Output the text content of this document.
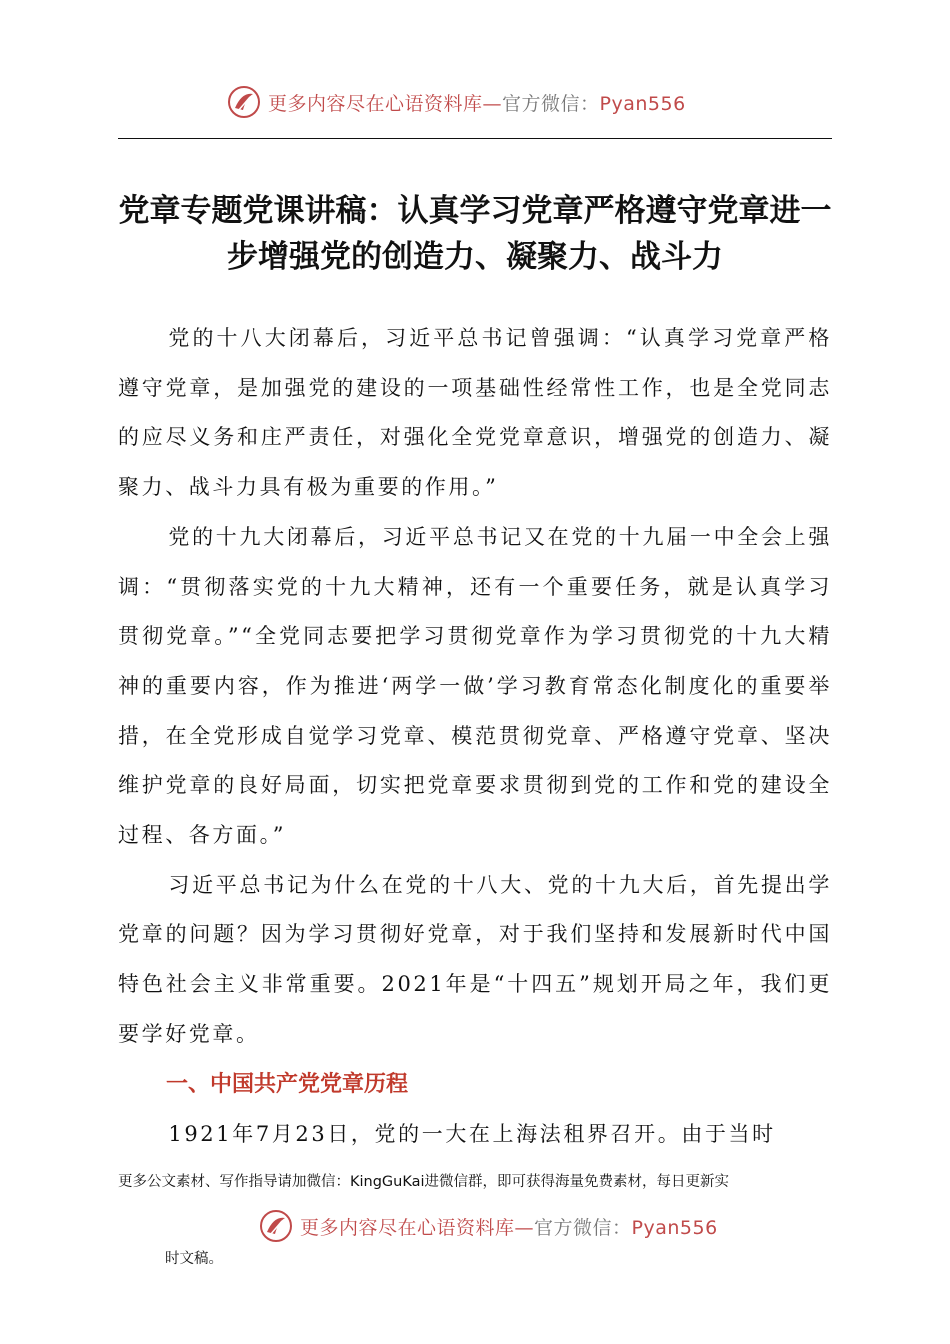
更多内容尽在心语资料库—官方微信：Pyan556
党章专题党课讲稿：认真学习党章严格遵守党章进一步增强党的创造力、凝聚力、战斗力

党的十八大闭幕后，习近平总书记曾强调：“认真学习党章严格遵守党章，是加强党的建设的一项基础性经常性工作，也是全党同志的应尽义务和庄严责任，对强化全党党章意识，增强党的创造力、凝聚力、战斗力具有极为重要的作用。”

党的十九大闭幕后，习近平总书记又在党的十九届一中全会上强调：“贯彻落实党的十九大精神，还有一个重要任务，就是认真学习贯彻党章。”“全党同志要把学习贯彻党章作为学习贯彻党的十九大精神的重要内容，作为推进‘两学一做’学习教育常态化制度化的重要举措，在全党形成自觉学习党章、模范贯彻党章、严格遵守党章、坚决维护党章的良好局面，切实把党章要求贯彻到党的工作和党的建设全过程、各方面。”

习近平总书记为什么在党的十八大、党的十九大后，首先提出学党章的问题？因为学习贯彻好党章，对于我们坚持和发展新时代中国特色社会主义非常重要。2021年是“十四五”规划开局之年，我们更要学好党章。

一、中国共产党党章历程

1921年7月23日，党的一大在上海法租界召开。由于当时

更多公文素材、写作指导请加微信：KingGuKai进微信群，即可获得海量免费素材，每日更新实
更多内容尽在心语资料库—官方微信：Pyan556
时文稿。
